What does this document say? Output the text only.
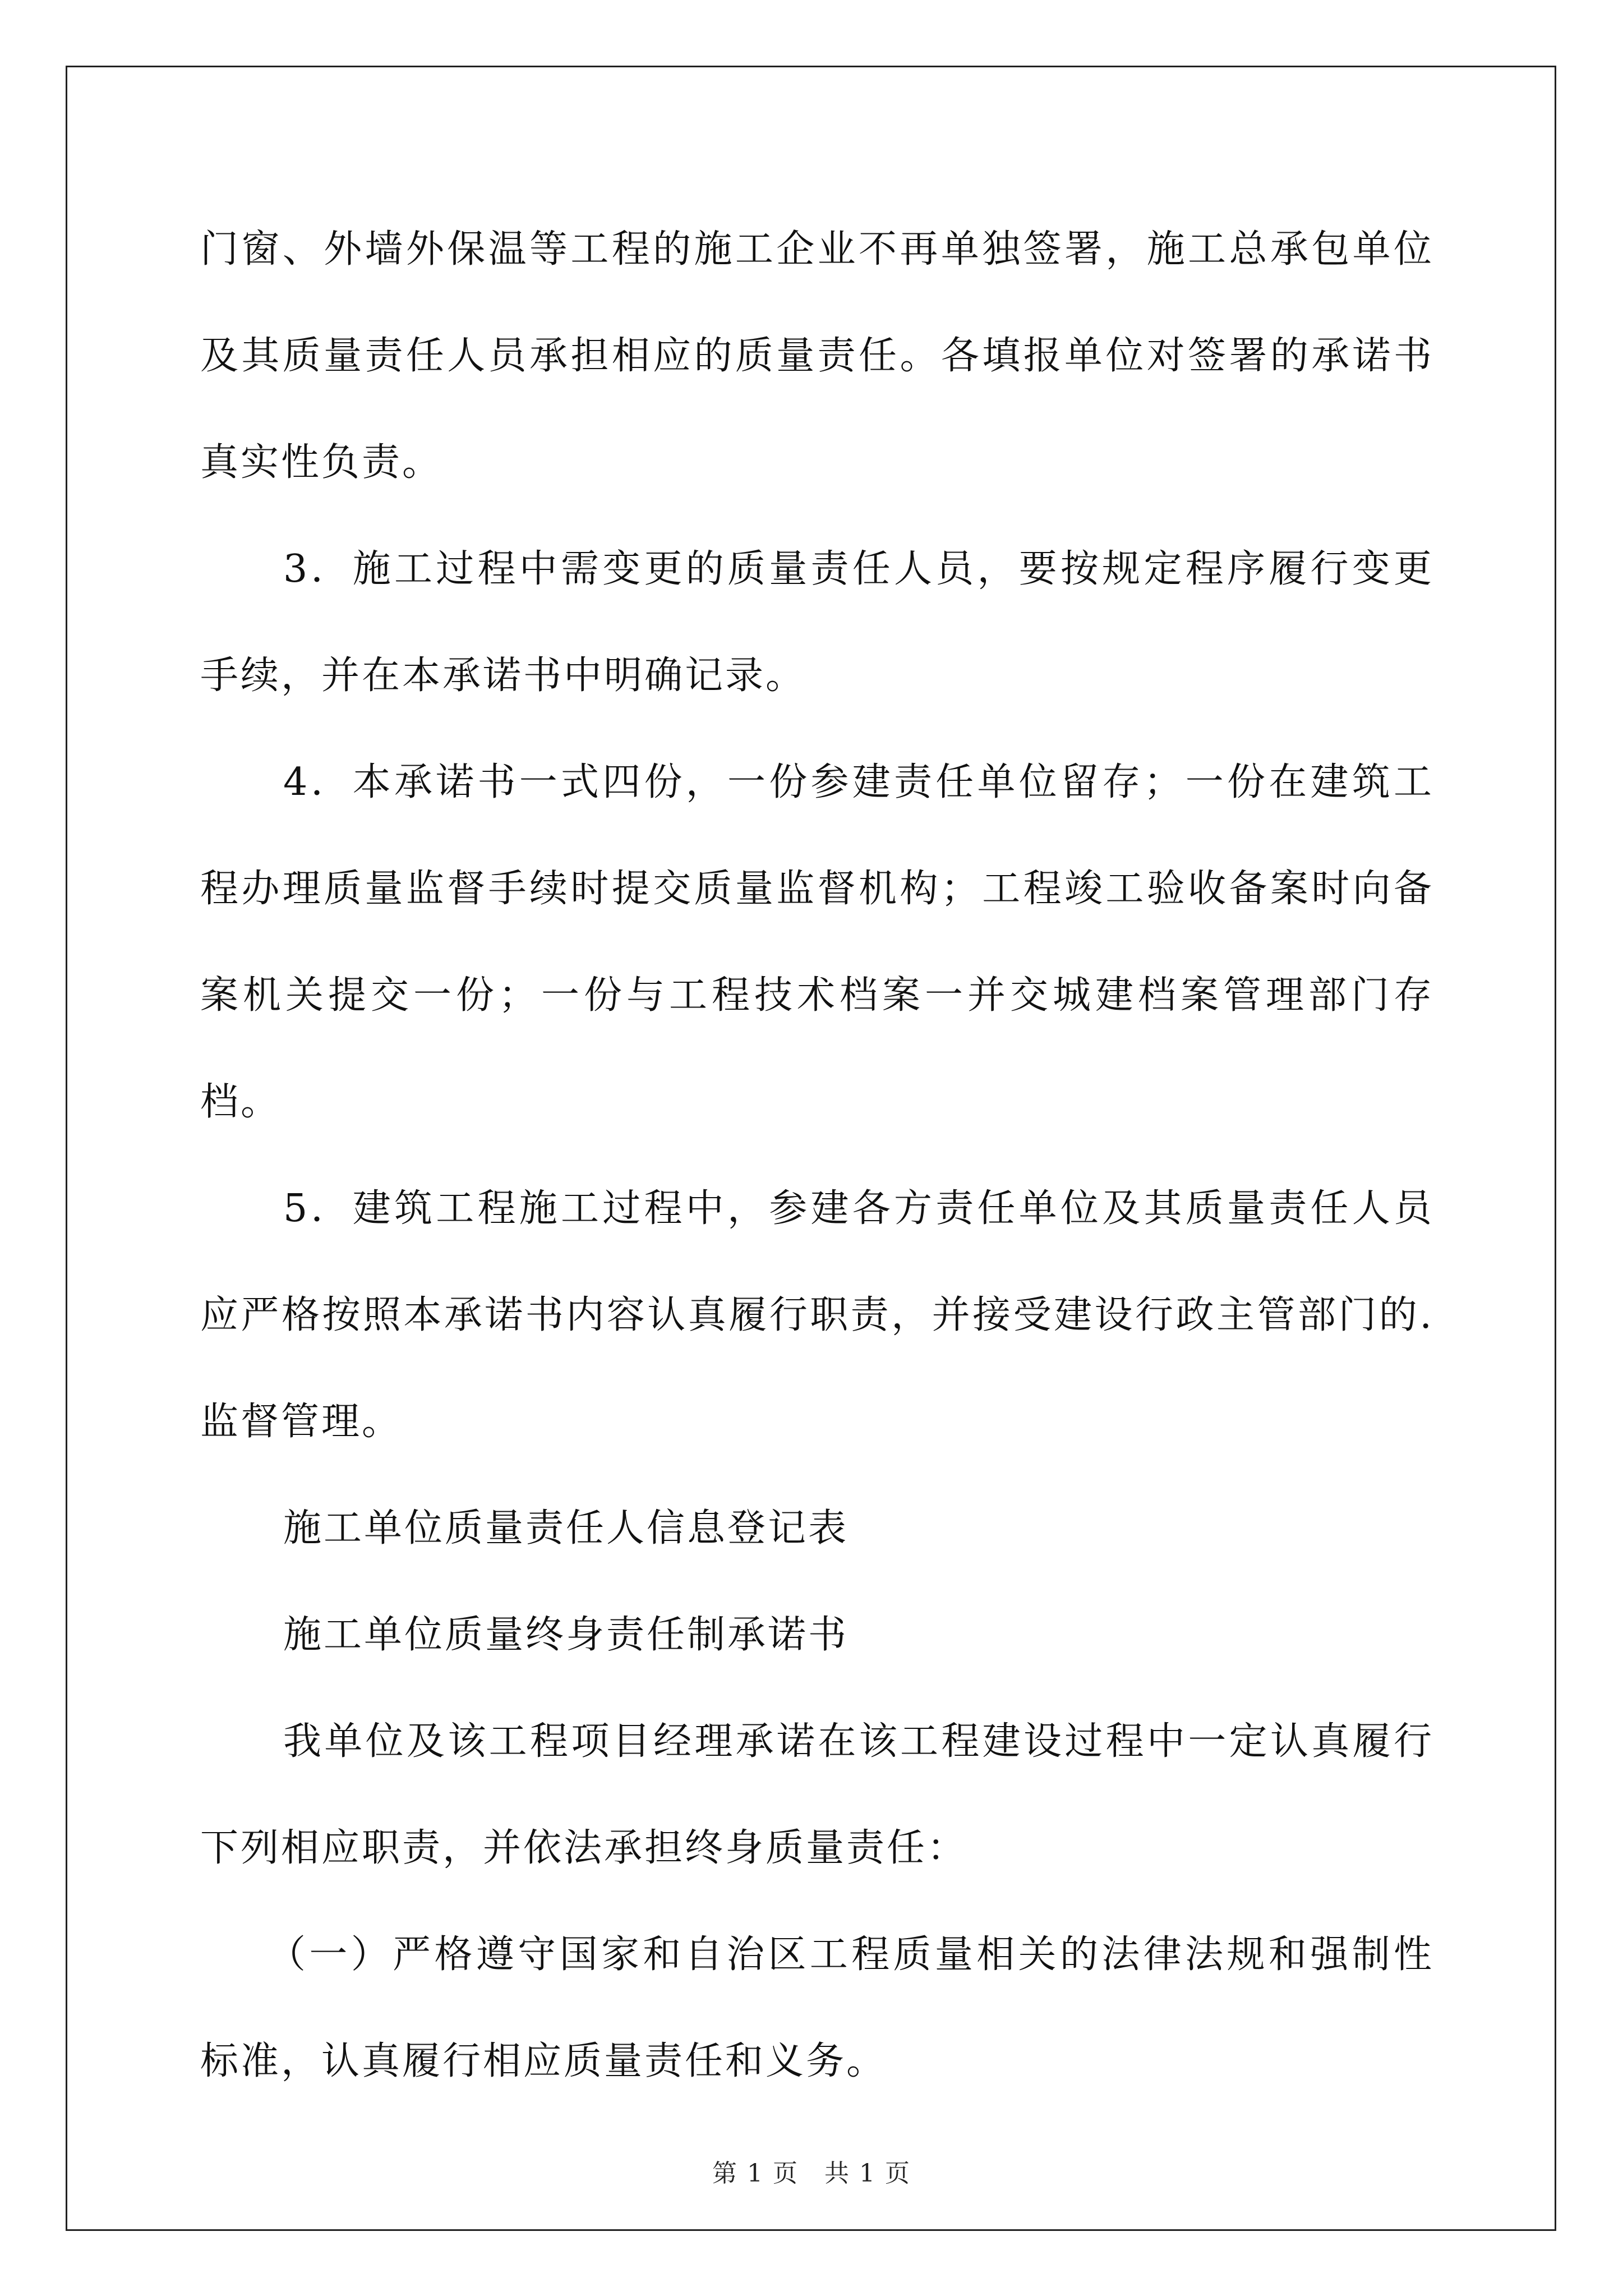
门窗、外墙外保温等工程的施工企业不再单独签署，施工总承包单位及其质量责任人员承担相应的质量责任。各填报单位对签署的承诺书真实性负责。

3．施工过程中需变更的质量责任人员，要按规定程序履行变更手续，并在本承诺书中明确记录。

4．本承诺书一式四份，一份参建责任单位留存；一份在建筑工程办理质量监督手续时提交质量监督机构；工程竣工验收备案时向备案机关提交一份；一份与工程技术档案一并交城建档案管理部门存档。

5．建筑工程施工过程中，参建各方责任单位及其质量责任人员应严格按照本承诺书内容认真履行职责，并接受建设行政主管部门的.监督管理。

施工单位质量责任人信息登记表

施工单位质量终身责任制承诺书

我单位及该工程项目经理承诺在该工程建设过程中一定认真履行下列相应职责，并依法承担终身质量责任：

（一）严格遵守国家和自治区工程质量相关的法律法规和强制性标准，认真履行相应质量责任和义务。

第 1 页　共 1 页
